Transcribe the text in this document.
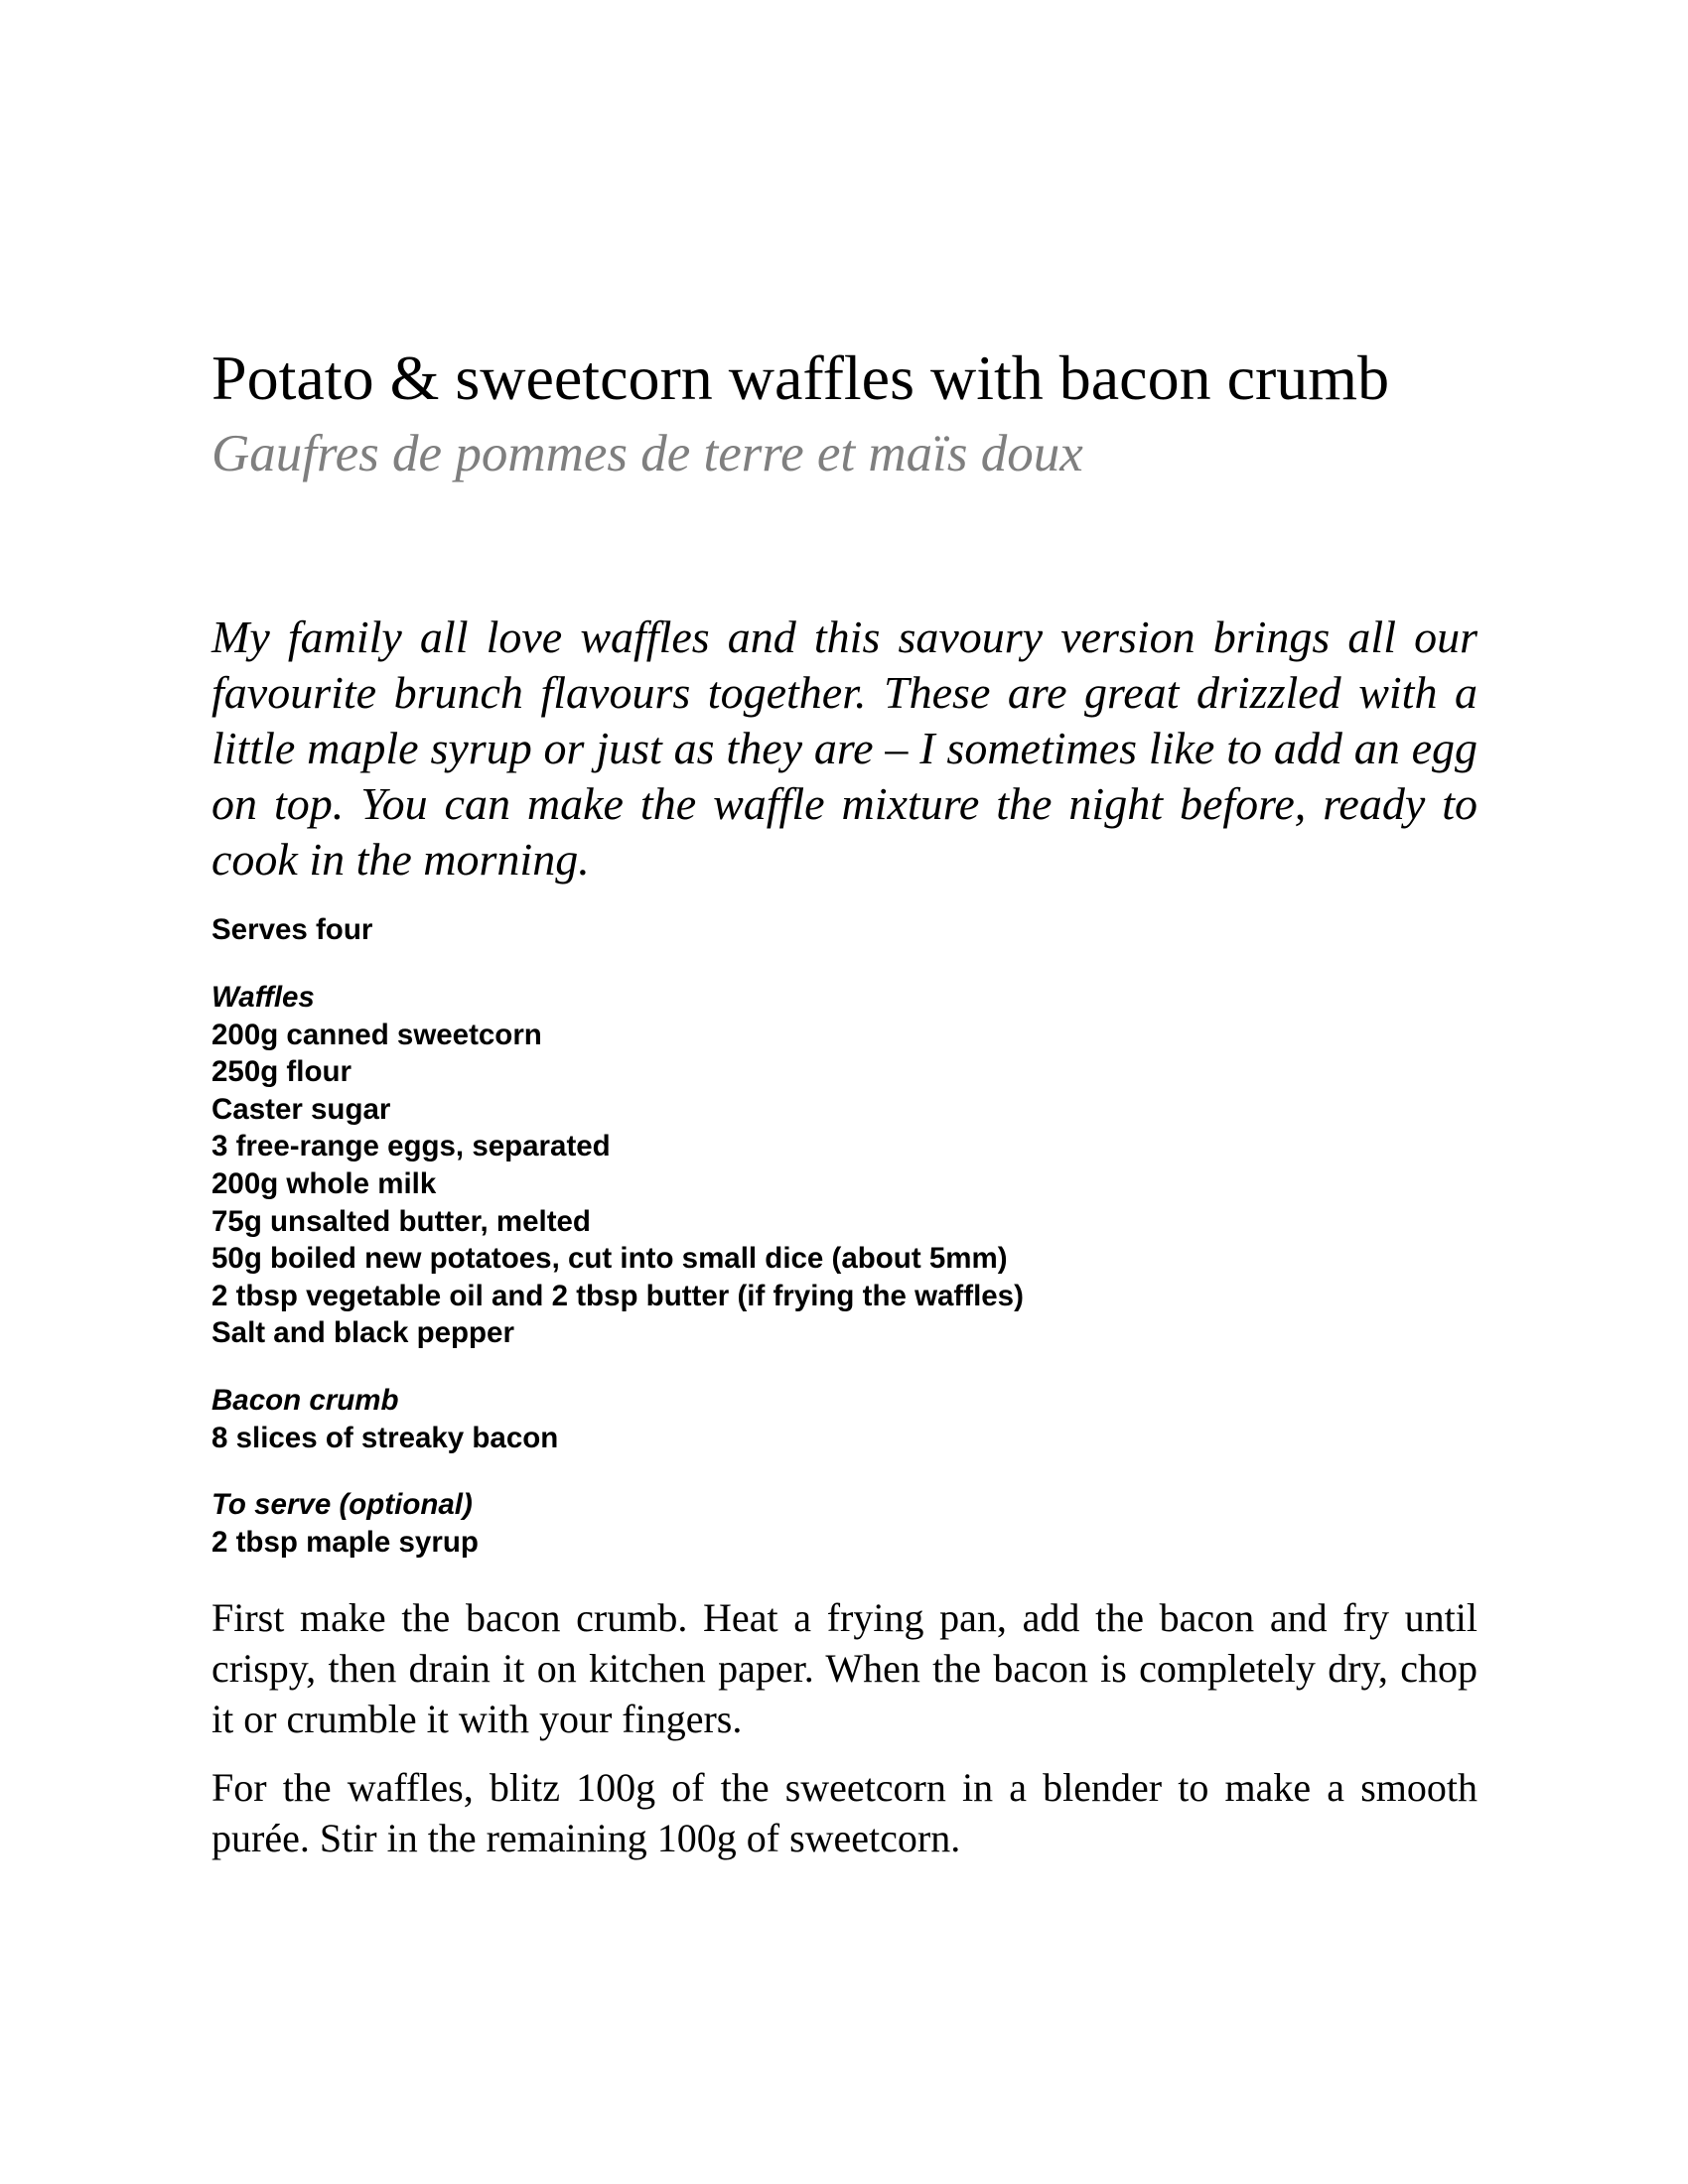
Potato & sweetcorn waffles with bacon crumb
Gaufres de pommes de terre et maïs doux

My family all love waffles and this savoury version brings all our favourite brunch flavours together. These are great drizzled with a little maple syrup or just as they are – I sometimes like to add an egg on top. You can make the waffle mixture the night before, ready to cook in the morning.

Serves four
Waffles
200g canned sweetcorn
250g flour
Caster sugar
3 free-range eggs, separated
200g whole milk
75g unsalted butter, melted
50g boiled new potatoes, cut into small dice (about 5mm)
2 tbsp vegetable oil and 2 tbsp butter (if frying the waffles)
Salt and black pepper
Bacon crumb
8 slices of streaky bacon
To serve (optional)
2 tbsp maple syrup

First make the bacon crumb. Heat a frying pan, add the bacon and fry until crispy, then drain it on kitchen paper. When the bacon is completely dry, chop it or crumble it with your fingers.

For the waffles, blitz 100g of the sweetcorn in a blender to make a smooth purée. Stir in the remaining 100g of sweetcorn.
